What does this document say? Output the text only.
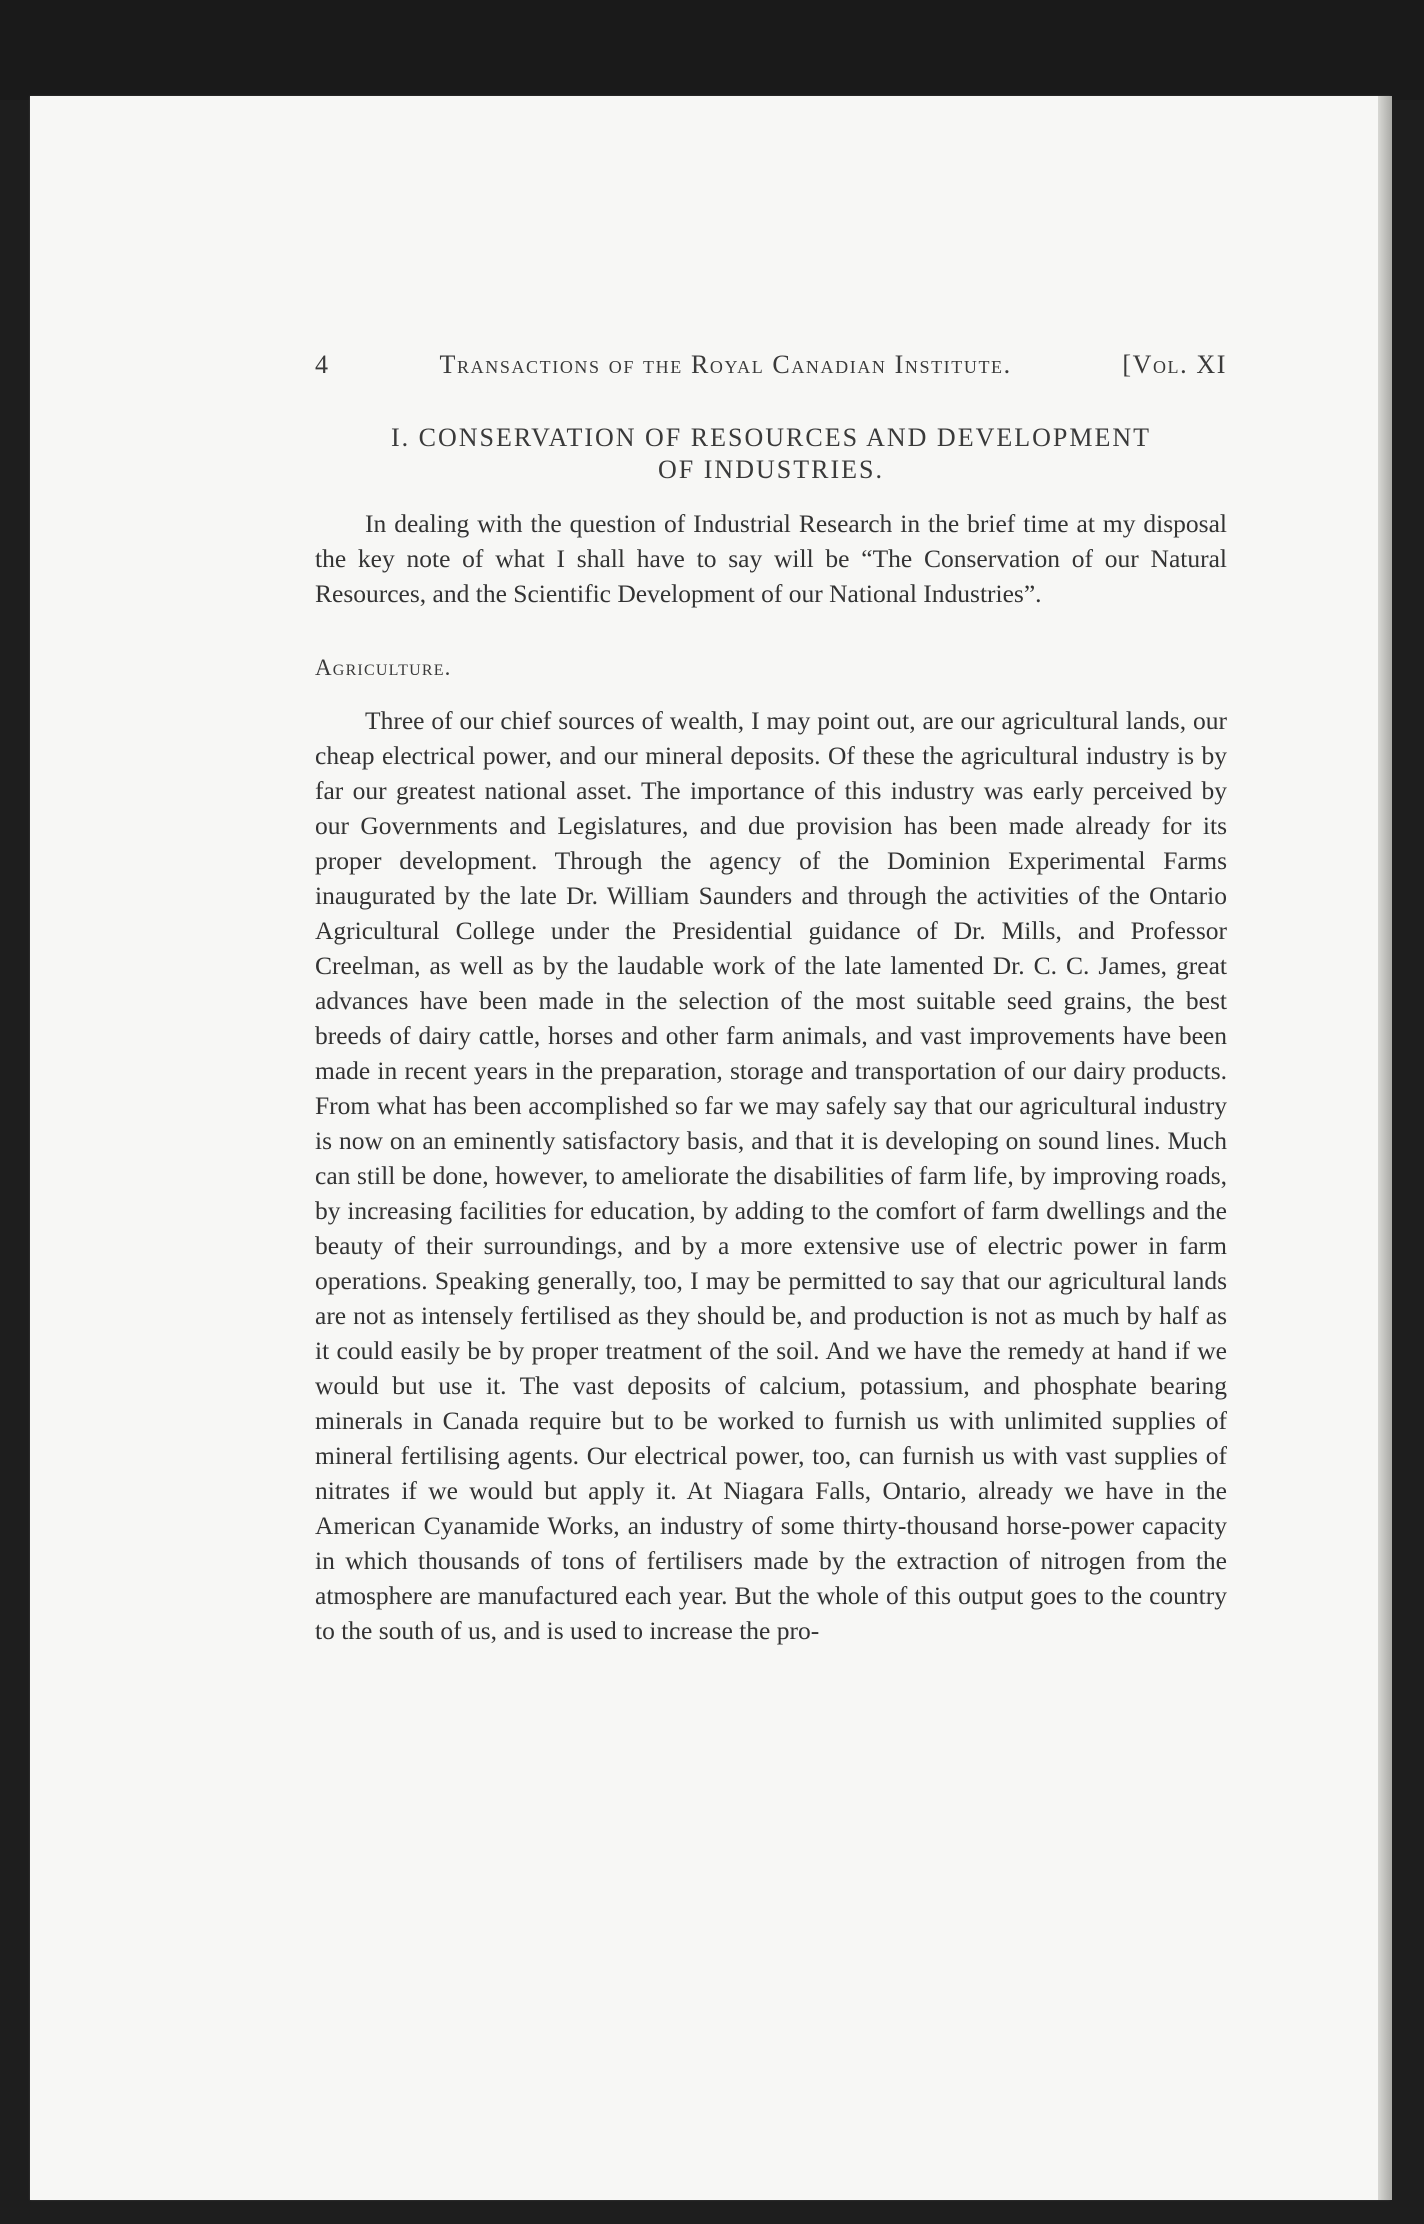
4	Transactions of the Royal Canadian Institute.	[Vol. XI
I. CONSERVATION OF RESOURCES AND DEVELOPMENT
OF INDUSTRIES.

In dealing with the question of Industrial Research in the brief time at my disposal the key note of what I shall have to say will be “The Conservation of our Natural Resources, and the Scientific Development of our National Industries”.

Agriculture.

Three of our chief sources of wealth, I may point out, are our agricultural lands, our cheap electrical power, and our mineral deposits. Of these the agricultural industry is by far our greatest national asset. The importance of this industry was early perceived by our Governments and Legislatures, and due provision has been made already for its proper development. Through the agency of the Dominion Experimental Farms inaugurated by the late Dr. William Saunders and through the activities of the Ontario Agricultural College under the Presidential guidance of Dr. Mills, and Professor Creelman, as well as by the laudable work of the late lamented Dr. C. C. James, great advances have been made in the selection of the most suitable seed grains, the best breeds of dairy cattle, horses and other farm animals, and vast improvements have been made in recent years in the preparation, storage and transportation of our dairy products. From what has been accomplished so far we may safely say that our agricultural industry is now on an eminently satisfactory basis, and that it is developing on sound lines. Much can still be done, however, to ameliorate the disabilities of farm life, by improving roads, by increasing facilities for education, by adding to the comfort of farm dwellings and the beauty of their surroundings, and by a more extensive use of electric power in farm operations. Speaking generally, too, I may be permitted to say that our agricultural lands are not as intensely fertilised as they should be, and production is not as much by half as it could easily be by proper treatment of the soil. And we have the remedy at hand if we would but use it. The vast deposits of calcium, potassium, and phosphate bearing minerals in Canada require but to be worked to furnish us with unlimited supplies of mineral fertilising agents. Our electrical power, too, can furnish us with vast supplies of nitrates if we would but apply it. At Niagara Falls, Ontario, already we have in the American Cyanamide Works, an industry of some thirty-thousand horse-power capacity in which thousands of tons of fertilisers made by the extraction of nitrogen from the atmosphere are manufactured each year. But the whole of this output goes to the country to the south of us, and is used to increase the pro-
